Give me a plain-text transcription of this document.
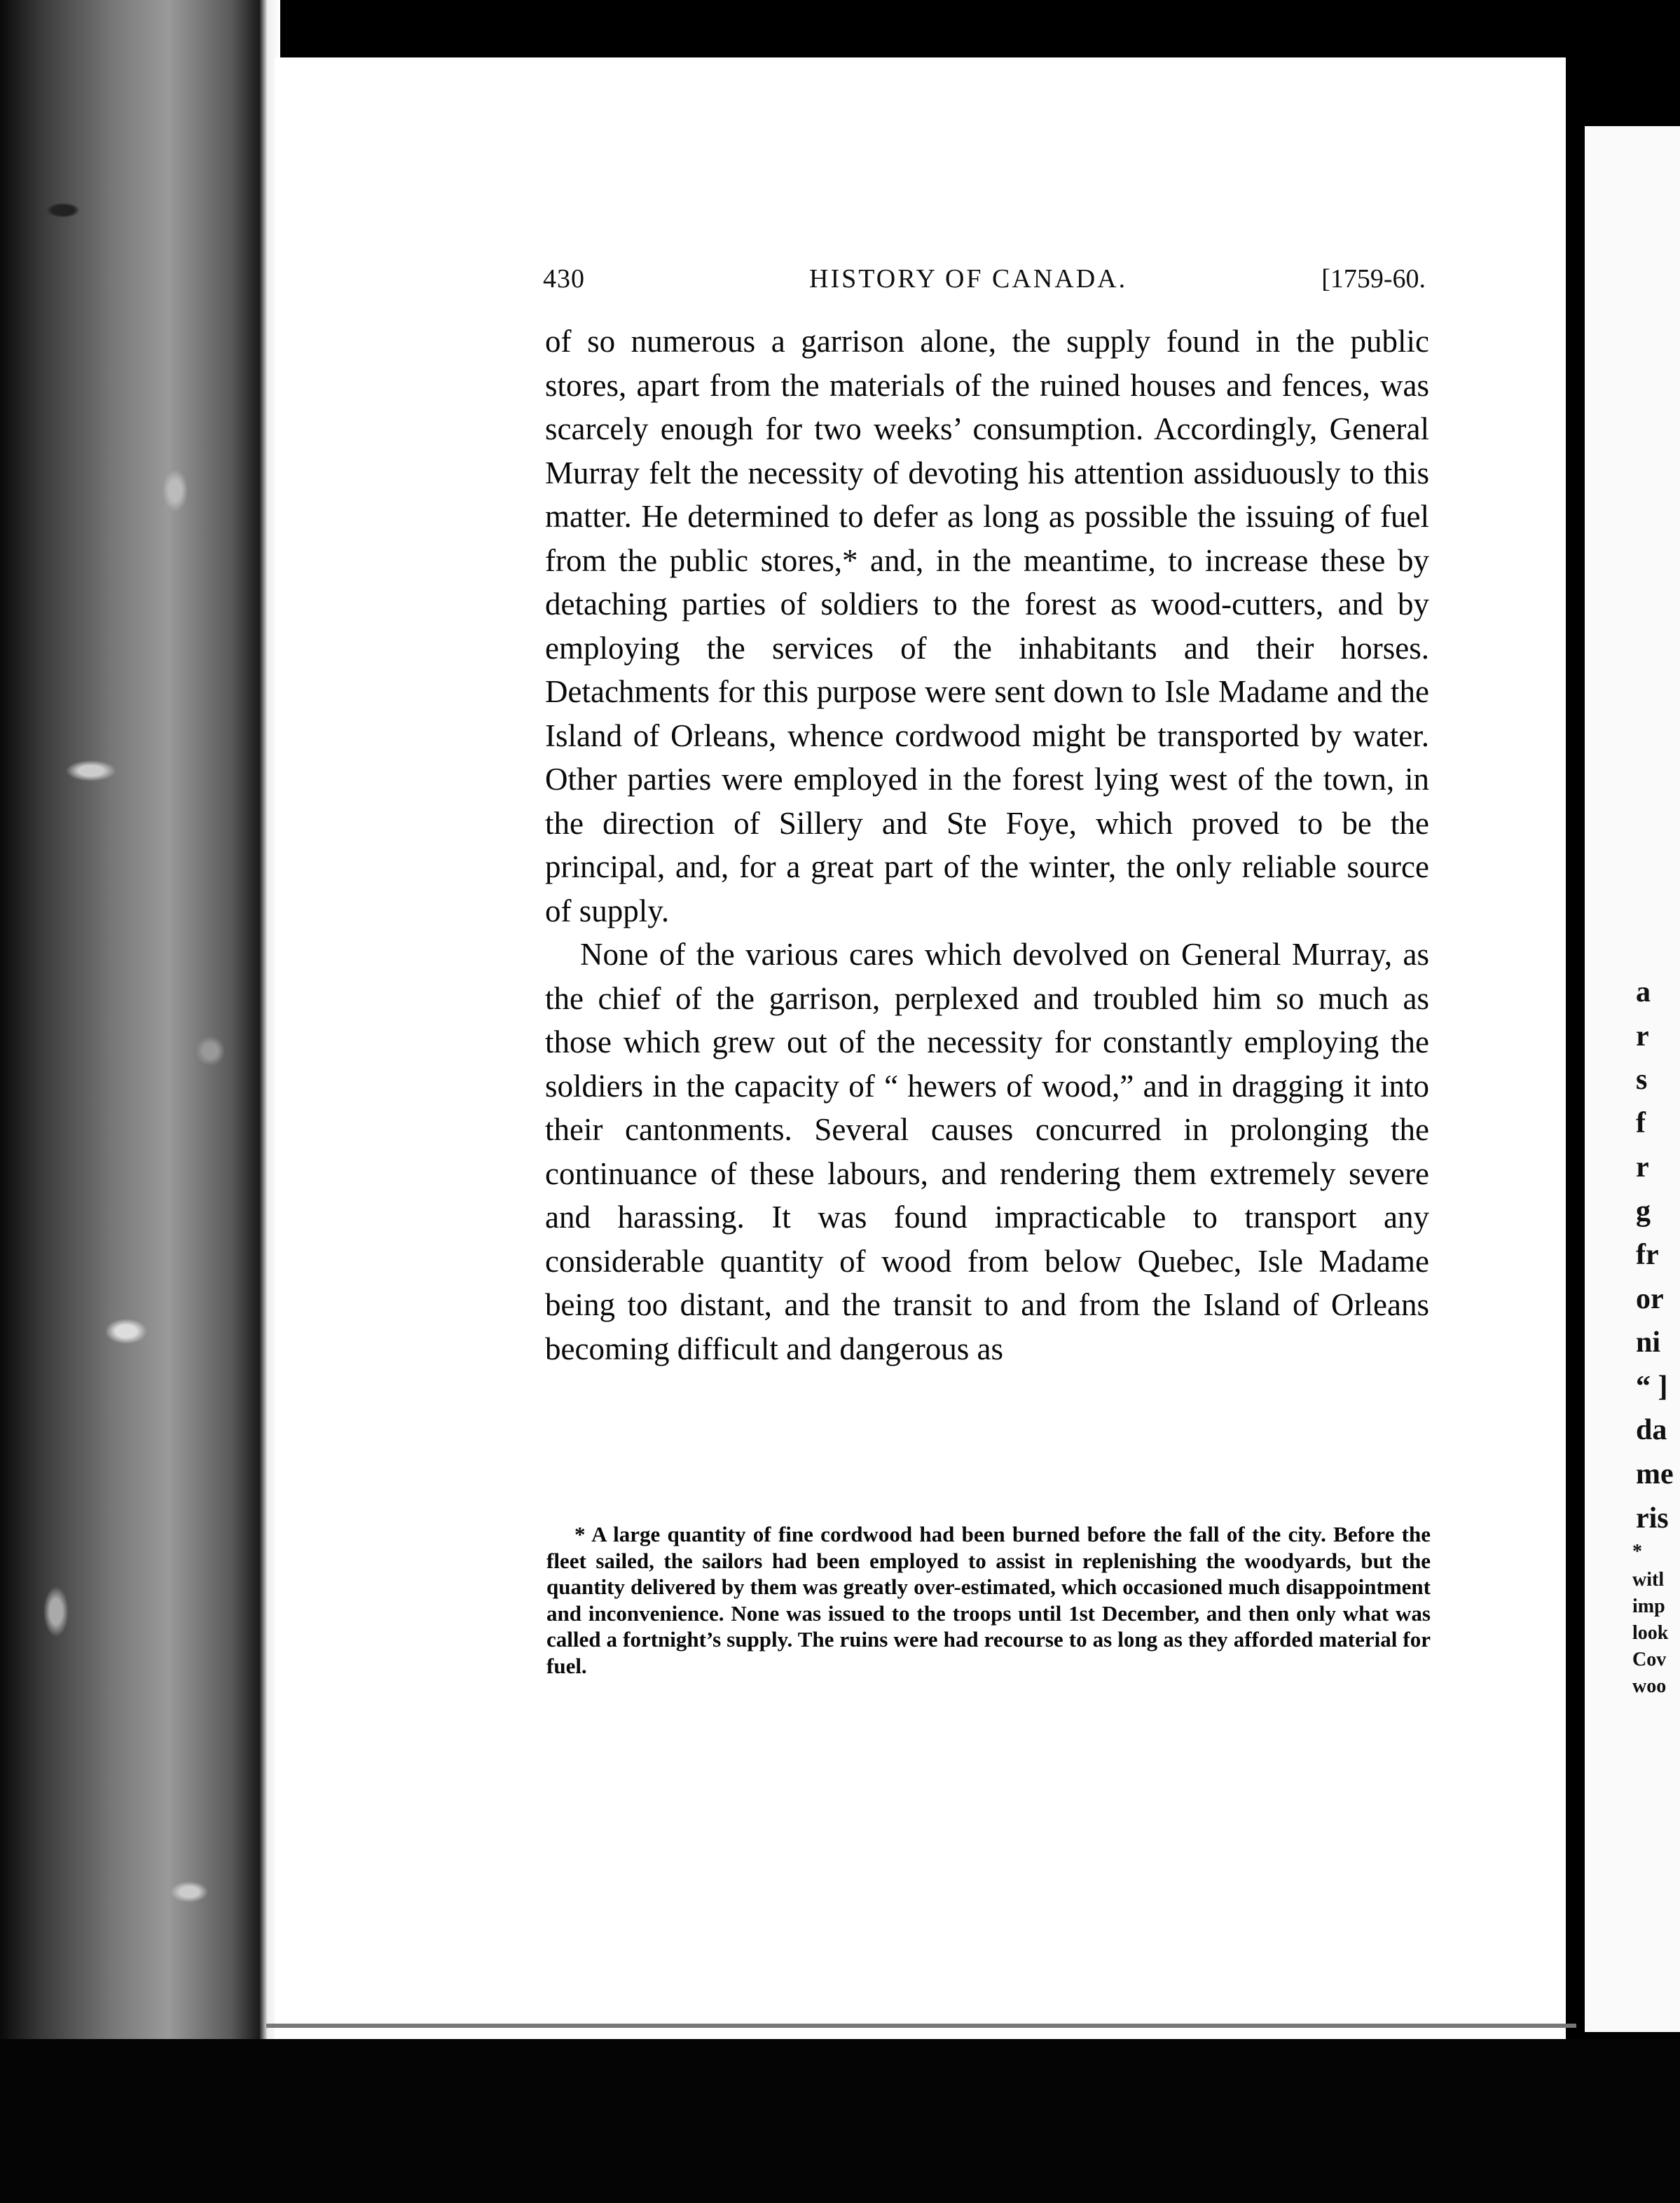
430	HISTORY OF CANADA.	[1759-60.

of so numerous a garrison alone, the supply found in the public stores, apart from the materials of the ruined houses and fences, was scarcely enough for two weeks’ consumption. Accordingly, General Murray felt the necessity of devoting his attention assiduously to this matter. He determined to defer as long as possible the issuing of fuel from the public stores,* and, in the meantime, to increase these by detaching parties of soldiers to the forest as wood-cutters, and by employing the services of the inhabitants and their horses. Detachments for this purpose were sent down to Isle Madame and the Island of Orleans, whence cordwood might be transported by water. Other parties were employed in the forest lying west of the town, in the direction of Sillery and Ste Foye, which proved to be the principal, and, for a great part of the winter, the only reliable source of supply.

None of the various cares which devolved on General Murray, as the chief of the garrison, perplexed and troubled him so much as those which grew out of the necessity for constantly employing the soldiers in the capacity of “ hewers of wood,” and in dragging it into their cantonments. Several causes concurred in prolonging the continuance of these labours, and rendering them extremely severe and harassing. It was found impracticable to transport any considerable quantity of wood from below Quebec, Isle Madame being too distant, and the transit to and from the Island of Orleans becoming difficult and dangerous as

* A large quantity of fine cordwood had been burned before the fall of the city. Before the fleet sailed, the sailors had been employed to assist in replenishing the woodyards, but the quantity delivered by them was greatly over-estimated, which occasioned much disappointment and inconvenience. None was issued to the troops until 1st December, and then only what was called a fortnight’s supply. The ruins were had recourse to as long as they afforded material for fuel.

a
r
s
f
r
g
fr
or
ni
“ ]
da
me
ris
*
witl
imp
look
Cov
woo
